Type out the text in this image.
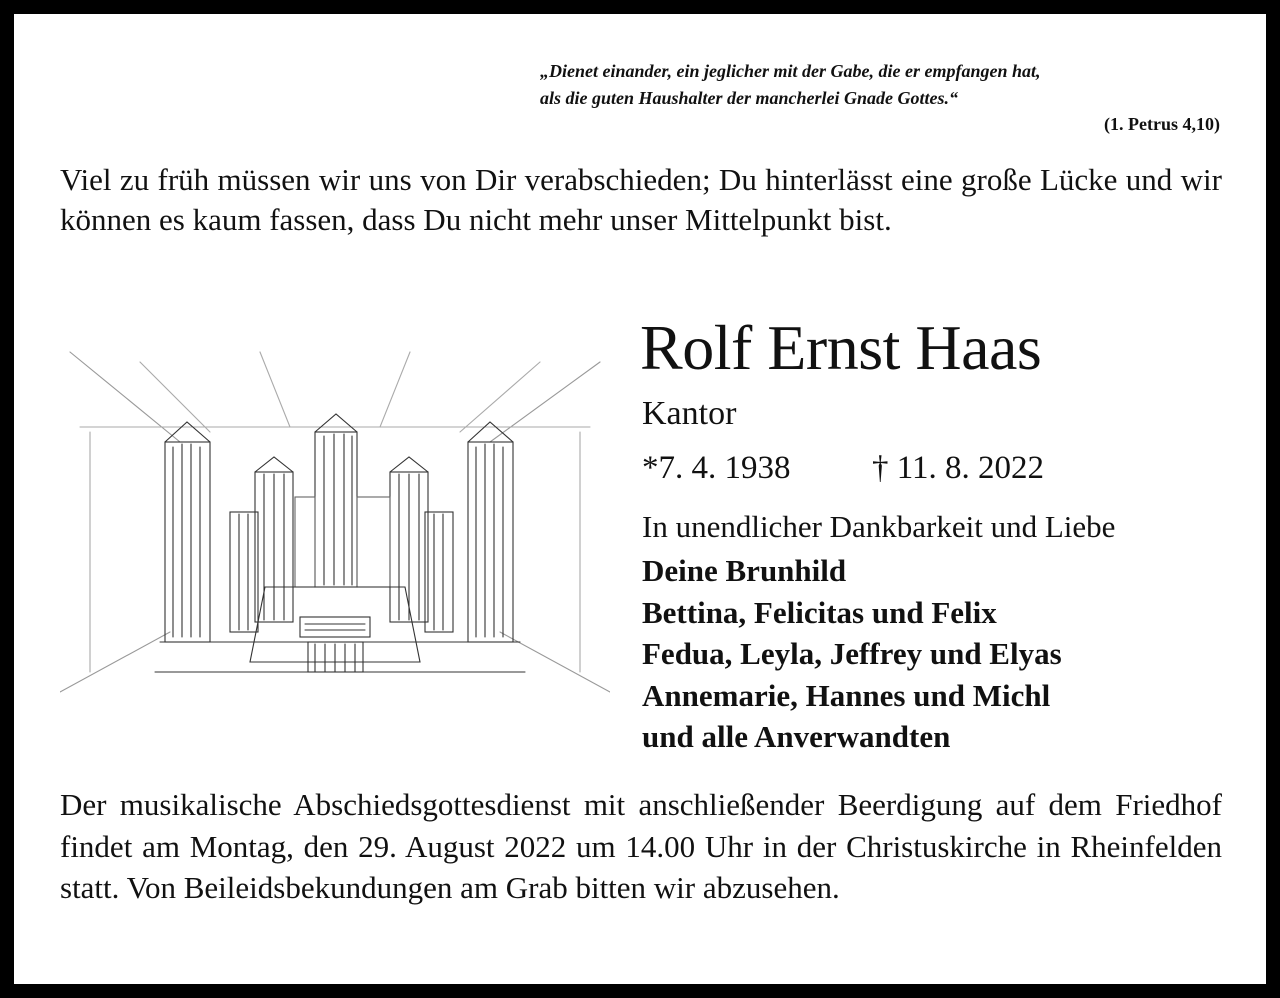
„Dienet einander, ein jeglicher mit der Gabe, die er empfangen hat,
als die guten Haushalter der mancherlei Gnade Gottes.“
(1. Petrus 4,10)
Viel zu früh müssen wir uns von Dir verabschieden; Du hinterlässt eine große Lücke und wir können es kaum fassen, dass Du nicht mehr unser Mittelpunkt bist.
Rolf Ernst Haas
Kantor
*7. 4. 1938 † 11. 8. 2022
In unendlicher Dankbarkeit und Liebe
Deine Brunhild
Bettina, Felicitas und Felix
Fedua, Leyla, Jeffrey und Elyas
Annemarie, Hannes und Michl
und alle Anverwandten
Der musikalische Abschiedsgottesdienst mit anschließender Beerdigung auf dem Friedhof findet am Montag, den 29. August 2022 um 14.00 Uhr in der Christuskirche in Rheinfelden statt. Von Beileidsbekundungen am Grab bitten wir abzusehen.
